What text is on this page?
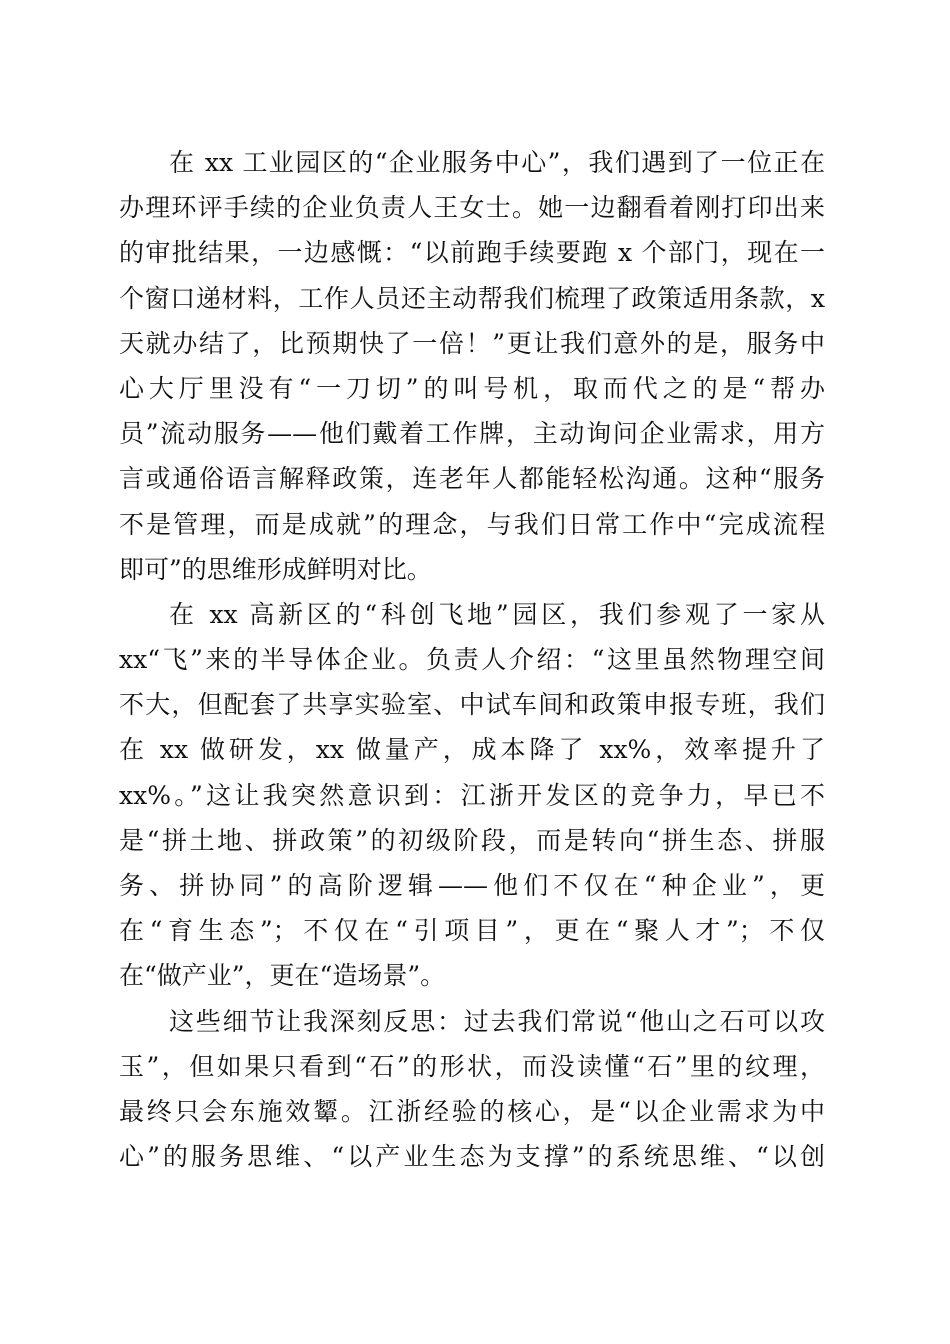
在 xx 工业园区的“企业服务中心”，我们遇到了一位正在
办理环评手续的企业负责人王女士。她一边翻看着刚打印出来
的审批结果，一边感慨：“以前跑手续要跑 x 个部门，现在一
个窗口递材料，工作人员还主动帮我们梳理了政策适用条款，x
天就办结了，比预期快了一倍！”更让我们意外的是，服务中
心大厅里没有“一刀切”的叫号机，取而代之的是“帮办
员”流动服务——他们戴着工作牌，主动询问企业需求，用方
言或通俗语言解释政策，连老年人都能轻松沟通。这种“服务
不是管理，而是成就”的理念，与我们日常工作中“完成流程
即可”的思维形成鲜明对比。
在 xx 高新区的“科创飞地”园区，我们参观了一家从
xx“飞”来的半导体企业。负责人介绍：“这里虽然物理空间
不大，但配套了共享实验室、中试车间和政策申报专班，我们
在 xx 做研发，xx 做量产，成本降了 xx%，效率提升了
xx%。”这让我突然意识到：江浙开发区的竞争力，早已不
是“拼土地、拼政策”的初级阶段，而是转向“拼生态、拼服
务、拼协同”的高阶逻辑——他们不仅在“种企业”，更
在“育生态”；不仅在“引项目”，更在“聚人才”；不仅
在“做产业”，更在“造场景”。
这些细节让我深刻反思：过去我们常说“他山之石可以攻
玉”，但如果只看到“石”的形状，而没读懂“石”里的纹理，
最终只会东施效颦。江浙经验的核心，是“以企业需求为中
心”的服务思维、“以产业生态为支撑”的系统思维、“以创
